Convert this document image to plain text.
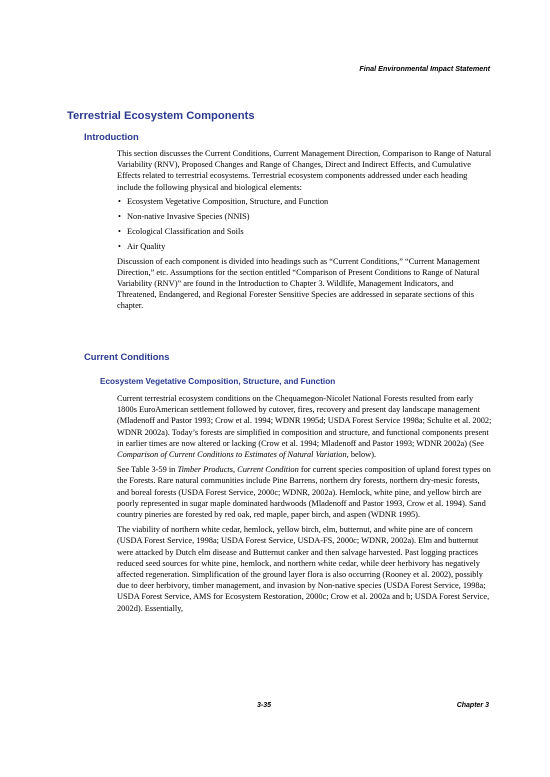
Final Environmental Impact Statement
Terrestrial Ecosystem Components
Introduction

This section discusses the Current Conditions, Current Management Direction, Comparison to Range of Natural Variability (RNV), Proposed Changes and Range of Changes, Direct and Indirect Effects, and Cumulative Effects related to terrestrial ecosystems. Terrestrial ecosystem components addressed under each heading include the following physical and biological elements:

• Ecosystem Vegetative Composition, Structure, and Function
• Non-native Invasive Species (NNIS)
• Ecological Classification and Soils
• Air Quality

Discussion of each component is divided into headings such as “Current Conditions,” “Current Management Direction,” etc. Assumptions for the section entitled “Comparison of Present Conditions to Range of Natural Variability (RNV)” are found in the Introduction to Chapter 3. Wildlife, Management Indicators, and Threatened, Endangered, and Regional Forester Sensitive Species are addressed in separate sections of this chapter.

Current Conditions
Ecosystem Vegetative Composition, Structure, and Function

Current terrestrial ecosystem conditions on the Chequamegon-Nicolet National Forests resulted from early 1800s EuroAmerican settlement followed by cutover, fires, recovery and present day landscape management (Mladenoff and Pastor 1993; Crow et al. 1994; WDNR 1995d; USDA Forest Service 1998a; Schulte et al. 2002; WDNR 2002a). Today’s forests are simplified in composition and structure, and functional components present in earlier times are now altered or lacking (Crow et al. 1994; Mladenoff and Pastor 1993; WDNR 2002a) (See Comparison of Current Conditions to Estimates of Natural Variation, below).

See Table 3-59 in Timber Products, Current Condition for current species composition of upland forest types on the Forests. Rare natural communities include Pine Barrens, northern dry forests, northern dry-mesic forests, and boreal forests (USDA Forest Service, 2000c; WDNR, 2002a). Hemlock, white pine, and yellow birch are poorly represented in sugar maple dominated hardwoods (Mladenoff and Pastor 1993, Crow et al. 1994). Sand country pineries are forested by red oak, red maple, paper birch, and aspen (WDNR 1995).

The viability of northern white cedar, hemlock, yellow birch, elm, butternut, and white pine are of concern (USDA Forest Service, 1998a; USDA Forest Service, USDA-FS, 2000c; WDNR, 2002a). Elm and butternut were attacked by Dutch elm disease and Butternut canker and then salvage harvested. Past logging practices reduced seed sources for white pine, hemlock, and northern white cedar, while deer herbivory has negatively affected regeneration. Simplification of the ground layer flora is also occurring (Rooney et al. 2002), possibly due to deer herbivory, timber management, and invasion by Non-native species (USDA Forest Service, 1998a; USDA Forest Service, AMS for Ecosystem Restoration, 2000c; Crow et al. 2002a and b; USDA Forest Service, 2002d). Essentially,

3-35	Chapter 3
